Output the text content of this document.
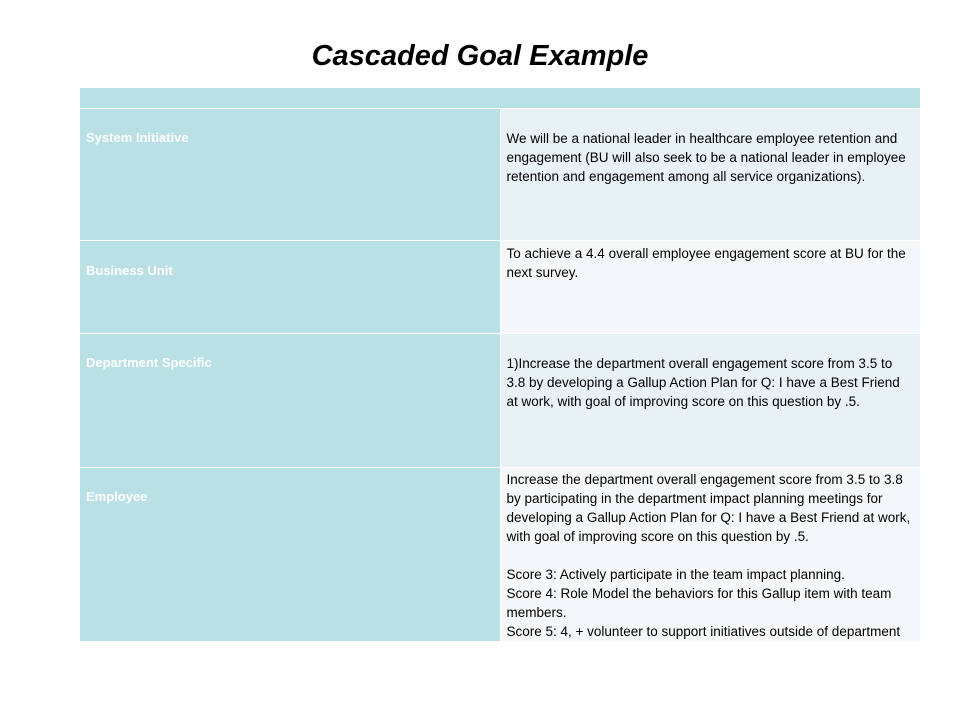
Cascaded Goal Example

System Initiative	We will be a national leader in healthcare employee retention and engagement (BU will also seek to be a national leader in employee retention and engagement among all service organizations).

Business Unit	To achieve a 4.4 overall employee engagement score at BU for the next survey.

Department Specific	1)Increase the department overall engagement score from 3.5 to 3.8 by developing a Gallup Action Plan for Q: I have a Best Friend at work, with goal of improving score on this question by .5.

Employee	Increase the department overall engagement score from 3.5 to 3.8 by participating in the department impact planning meetings for developing a Gallup Action Plan for Q: I have a Best Friend at work, with goal of improving score on this question by .5.

Score 3: Actively participate in the team impact planning.
Score 4: Role Model the behaviors for this Gallup item with team members.
Score 5: 4, + volunteer to support initiatives outside of department
